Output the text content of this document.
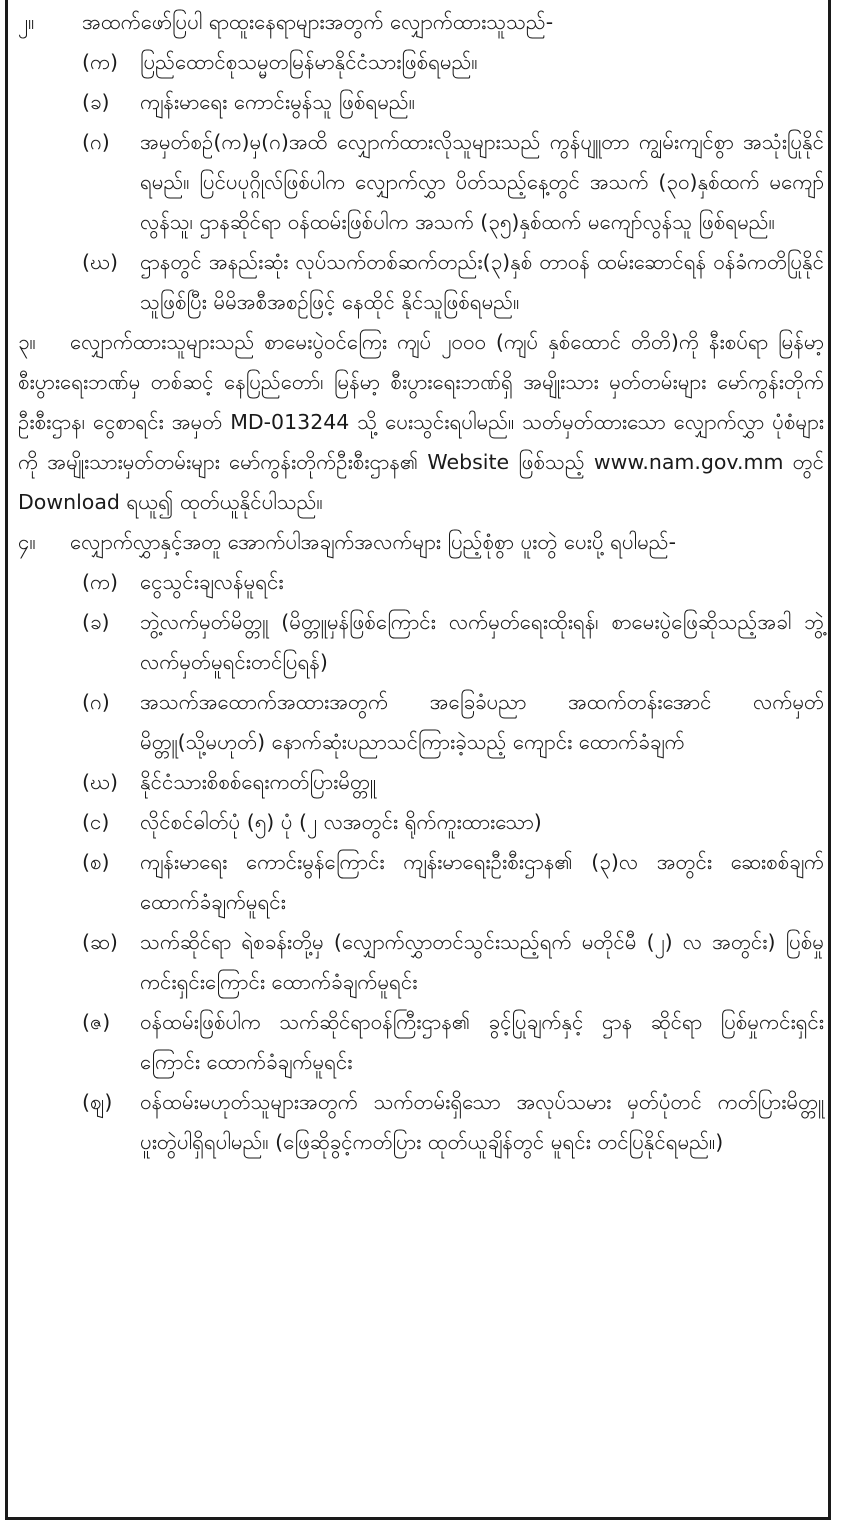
၂။	အထက်ဖော်ပြပါ ရာထူးနေရာများအတွက် လျှောက်ထားသူသည်-
(က)	ပြည်ထောင်စုသမ္မတမြန်မာနိုင်ငံသားဖြစ်ရမည်။
(ခ)	ကျန်းမာရေး ကောင်းမွန်သူ ဖြစ်ရမည်။
(ဂ)	အမှတ်စဉ်(က)မှ(ဂ)အထိ လျှောက်ထားလိုသူများသည် ကွန်ပျူတာ ကျွမ်းကျင်စွာ အသုံးပြုနိုင်ရမည်။ ပြင်ပပုဂ္ဂိုလ်ဖြစ်ပါက လျှောက်လွှာ ပိတ်သည့်နေ့တွင် အသက် (၃၀)နှစ်ထက် မကျော်လွန်သူ၊ ဌာနဆိုင်ရာ ဝန်ထမ်းဖြစ်ပါက အသက် (၃၅)နှစ်ထက် မကျော်လွန်သူ ဖြစ်ရမည်။
(ဃ)	ဌာနတွင် အနည်းဆုံး လုပ်သက်တစ်ဆက်တည်း(၃)နှစ် တာဝန် ထမ်းဆောင်ရန် ဝန်ခံကတိပြုနိုင်သူဖြစ်ပြီး မိမိအစီအစဉ်ဖြင့် နေထိုင် နိုင်သူဖြစ်ရမည်။
၃။ လျှောက်ထားသူများသည် စာမေးပွဲဝင်ကြေး ကျပ် ၂၀၀၀ (ကျပ် နှစ်ထောင် တိတိ)ကို နီးစပ်ရာ မြန်မာ့စီးပွားရေးဘဏ်မှ တစ်ဆင့် နေပြည်တော်၊ မြန်မာ့ စီးပွားရေးဘဏ်ရှိ အမျိုးသား မှတ်တမ်းများ မော်ကွန်းတိုက်ဦးစီးဌာန၊ ငွေစာရင်း အမှတ် MD-013244 သို့ ပေးသွင်းရပါမည်။ သတ်မှတ်ထားသော လျှောက်လွှာ ပုံစံများကို အမျိုးသားမှတ်တမ်းများ မော်ကွန်းတိုက်ဦးစီးဌာန၏ Website ဖြစ်သည့် www.nam.gov.mm တွင် Download ရယူ၍ ထုတ်ယူနိုင်ပါသည်။
၄။ လျှောက်လွှာနှင့်အတူ အောက်ပါအချက်အလက်များ ပြည့်စုံစွာ ပူးတွဲ ပေးပို့ ရပါမည်-
(က)	ငွေသွင်းချလန်မူရင်း
(ခ)	ဘွဲ့လက်မှတ်မိတ္တူ (မိတ္တူမှန်ဖြစ်ကြောင်း လက်မှတ်ရေးထိုးရန်၊ စာမေးပွဲဖြေဆိုသည့်အခါ ဘွဲ့လက်မှတ်မူရင်းတင်ပြရန်)
(ဂ)	အသက်အထောက်အထားအတွက် အခြေခံပညာ အထက်တန်းအောင် လက်မှတ် မိတ္တူ(သို့မဟုတ်) နောက်ဆုံးပညာသင်ကြားခဲ့သည့် ကျောင်း ထောက်ခံချက်
(ဃ)	နိုင်ငံသားစိစစ်ရေးကတ်ပြားမိတ္တူ
(င)	လိုင်စင်ဓါတ်ပုံ (၅) ပုံ (၂ လအတွင်း ရိုက်ကူးထားသော)
(စ)	ကျန်းမာရေး ကောင်းမွန်ကြောင်း ကျန်းမာရေးဦးစီးဌာန၏ (၃)လ အတွင်း ဆေးစစ်ချက် ထောက်ခံချက်မူရင်း
(ဆ)	သက်ဆိုင်ရာ ရဲစခန်းတို့မှ (လျှောက်လွှာတင်သွင်းသည့်ရက် မတိုင်မီ (၂) လ အတွင်း) ပြစ်မှုကင်းရှင်းကြောင်း ထောက်ခံချက်မူရင်း
(ဇ)	ဝန်ထမ်းဖြစ်ပါက သက်ဆိုင်ရာဝန်ကြီးဌာန၏ ခွင့်ပြုချက်နှင့် ဌာန ဆိုင်ရာ ပြစ်မှုကင်းရှင်းကြောင်း ထောက်ခံချက်မူရင်း
(ဈ)	ဝန်ထမ်းမဟုတ်သူများအတွက် သက်တမ်းရှိသော အလုပ်သမား မှတ်ပုံတင် ကတ်ပြားမိတ္တူ ပူးတွဲပါရှိရပါမည်။ (ဖြေဆိုခွင့်ကတ်ပြား ထုတ်ယူချိန်တွင် မူရင်း တင်ပြနိုင်ရမည်။)
